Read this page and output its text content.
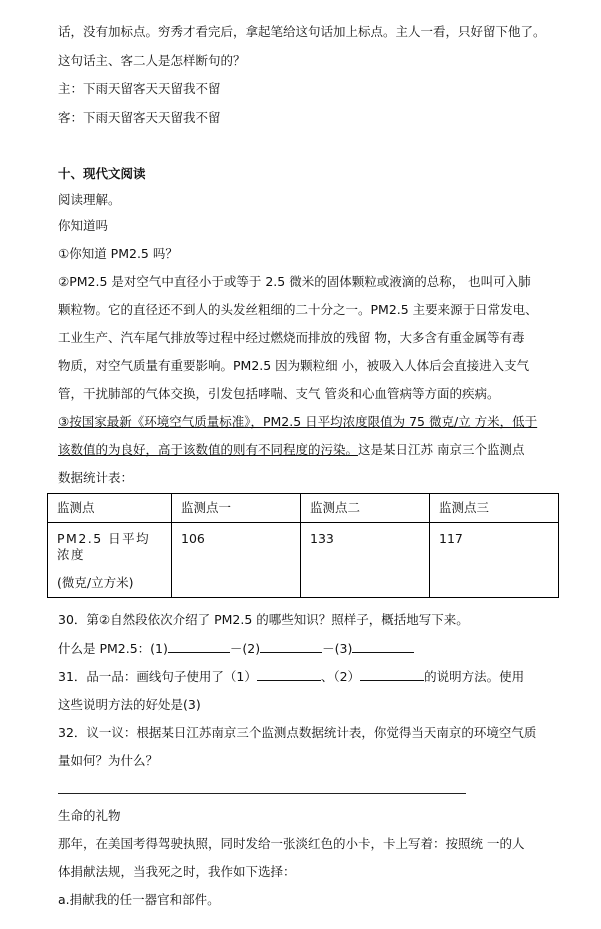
话，没有加标点。穷秀才看完后，拿起笔给这句话加上标点。主人一看，只好留下他了。
这句话主、客二人是怎样断句的？
主：下雨天留客天天留我不留
客：下雨天留客天天留我不留
十、现代文阅读
阅读理解。
你知道吗
①你知道 PM2.5 吗？
②PM2.5 是对空气中直径小于或等于 2.5 微米的固体颗粒或液滴的总称， 也叫可入肺
颗粒物。它的直径还不到人的头发丝粗细的二十分之一。PM2.5 主要来源于日常发电、
工业生产、汽车尾气排放等过程中经过燃烧而排放的残留 物，大多含有重金属等有毒
物质，对空气质量有重要影响。PM2.5 因为颗粒细 小，被吸入人体后会直接进入支气
管，干扰肺部的气体交换，引发包括哮喘、支气 管炎和心血管病等方面的疾病。
③按国家最新《环境空气质量标准》，PM2.5 日平均浓度限值为 75 微克/立 方米，低于
该数值的为良好，高于该数值的则有不同程度的污染。这是某日江苏 南京三个监测点
数据统计表：
监测点	监测点一	监测点二	监测点三

PM2.5 日平均浓度
(微克/立方米)	106	133	117
30．第②自然段依次介绍了 PM2.5 的哪些知识？照样子，概括地写下来。
什么是 PM2.5：(1)	－(2)	－(3)
31．品一品：画线句子使用了（1）	、（2）	的说明方法。使用
这些说明方法的好处是(3)
32．议一议：根据某日江苏南京三个监测点数据统计表，你觉得当天南京的环境空气质
量如何？为什么？
生命的礼物
那年，在美国考得驾驶执照，同时发给一张淡红色的小卡，卡上写着：按照统 一的人
体捐献法规，当我死之时，我作如下选择：
a.捐献我的任一器官和部件。
